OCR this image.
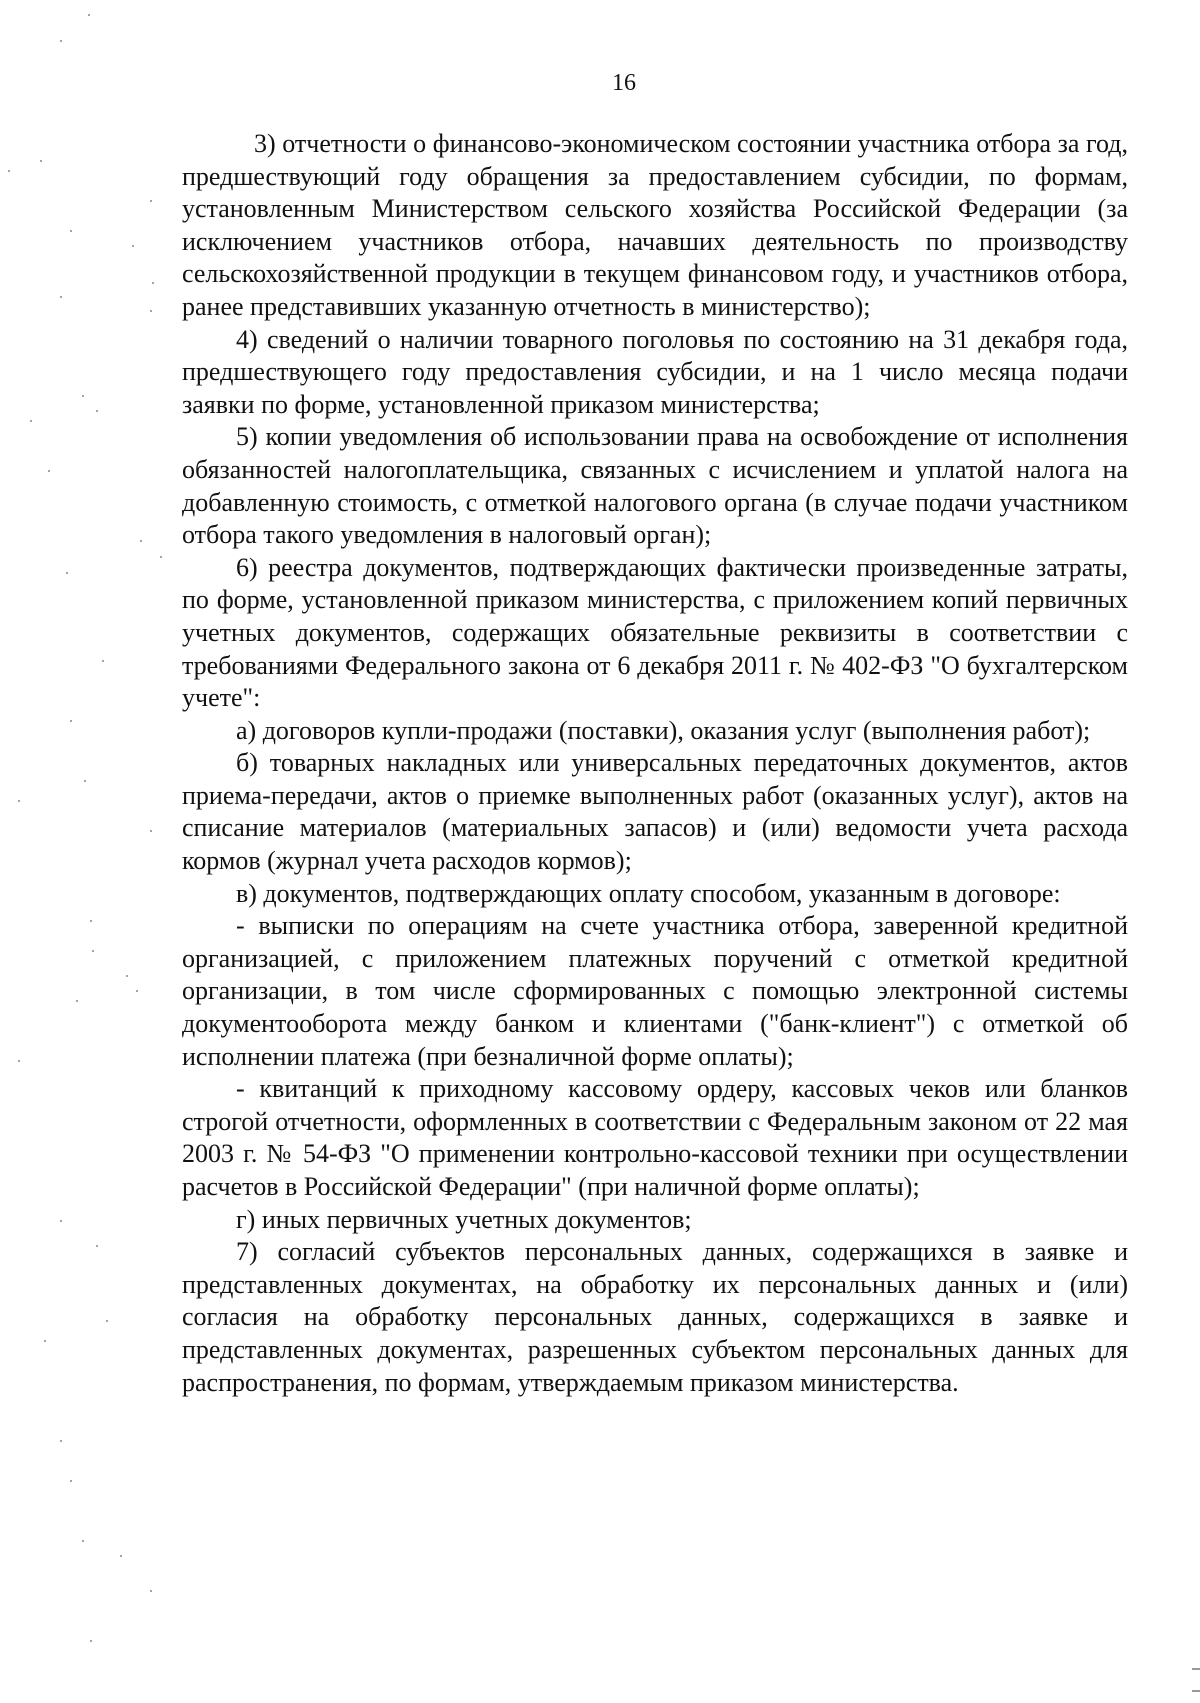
16

3) отчетности о финансово-экономическом состоянии участника отбора за год, предшествующий году обращения за предоставлением субсидии, по формам, установленным Министерством сельского хозяйства Российской Федерации (за исключением участников отбора, начавших деятельность по производству сельскохозяйственной продукции в текущем финансовом году, и участников отбора, ранее представивших указанную отчетность в министерство);

4) сведений о наличии товарного поголовья по состоянию на 31 декабря года, предшествующего году предоставления субсидии, и на 1 число месяца подачи заявки по форме, установленной приказом министерства;

5) копии уведомления об использовании права на освобождение от исполнения обязанностей налогоплательщика, связанных с исчислением и уплатой налога на добавленную стоимость, с отметкой налогового органа (в случае подачи участником отбора такого уведомления в налоговый орган);

6) реестра документов, подтверждающих фактически произведенные затраты, по форме, установленной приказом министерства, с приложением копий первичных учетных документов, содержащих обязательные реквизиты в соответствии с требованиями Федерального закона от 6 декабря 2011 г. № 402-ФЗ "О бухгалтерском учете":

а) договоров купли-продажи (поставки), оказания услуг (выполнения работ);

б) товарных накладных или универсальных передаточных документов, актов приема-передачи, актов о приемке выполненных работ (оказанных услуг), актов на списание материалов (материальных запасов) и (или) ведомости учета расхода кормов (журнал учета расходов кормов);

в) документов, подтверждающих оплату способом, указанным в договоре:

- выписки по операциям на счете участника отбора, заверенной кредитной организацией, с приложением платежных поручений с отметкой кредитной организации, в том числе сформированных с помощью электронной системы документооборота между банком и клиентами ("банк-клиент") с отметкой об исполнении платежа (при безналичной форме оплаты);

- квитанций к приходному кассовому ордеру, кассовых чеков или бланков строгой отчетности, оформленных в соответствии с Федеральным законом от 22 мая 2003 г. № 54-ФЗ "О применении контрольно-кассовой техники при осуществлении расчетов в Российской Федерации" (при наличной форме оплаты);

г) иных первичных учетных документов;

7) согласий субъектов персональных данных, содержащихся в заявке и представленных документах, на обработку их персональных данных и (или) согласия на обработку персональных данных, содержащихся в заявке и представленных документах, разрешенных субъектом персональных данных для распространения, по формам, утверждаемым приказом министерства.
